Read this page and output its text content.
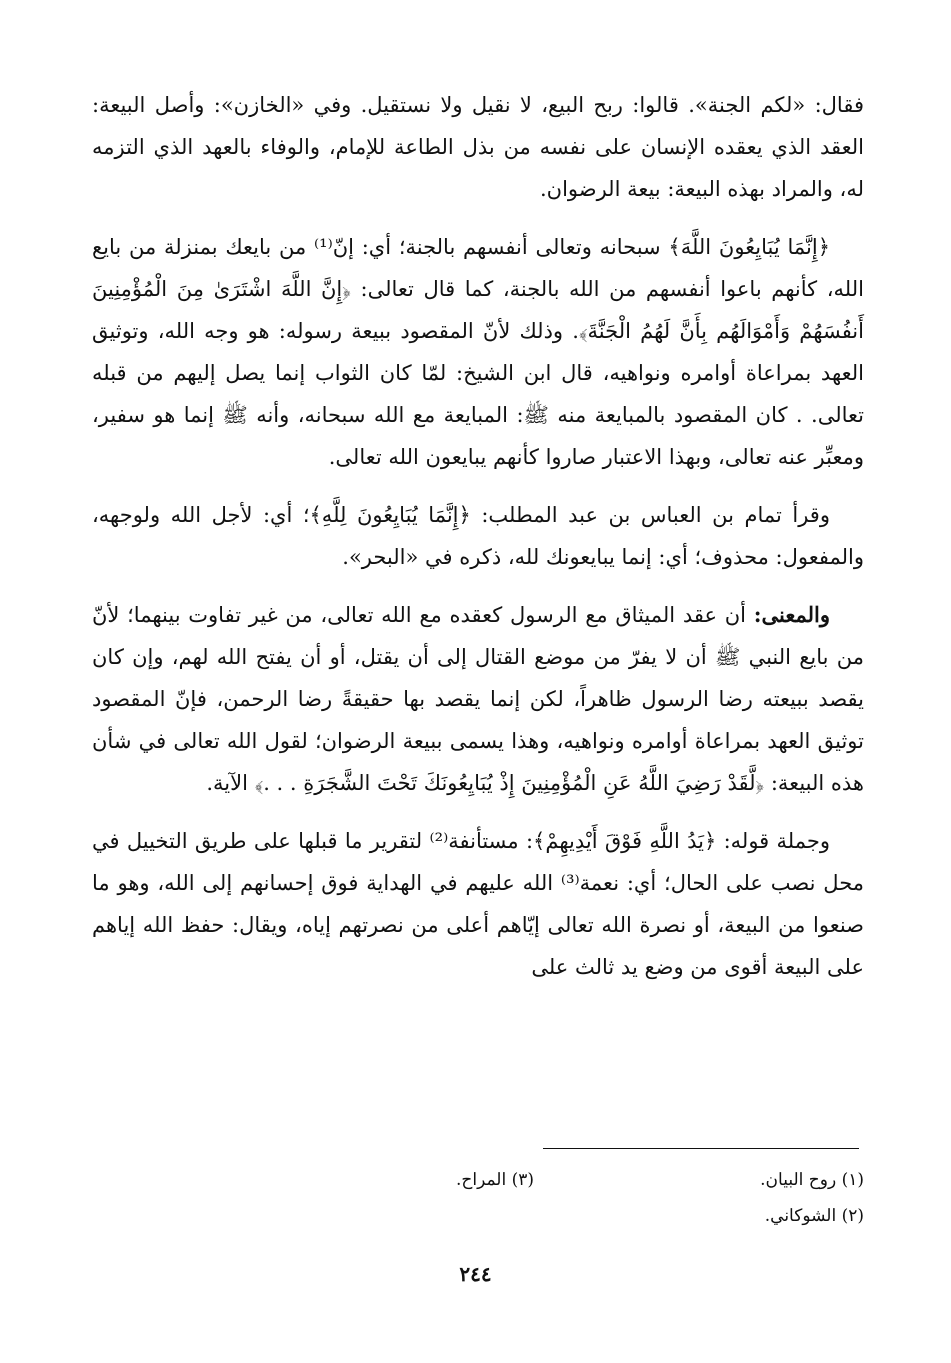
فقال: «لكم الجنة». قالوا: ربح البيع، لا نقيل ولا نستقيل. وفي «الخازن»: وأصل البيعة: العقد الذي يعقده الإنسان على نفسه من بذل الطاعة للإمام، والوفاء بالعهد الذي التزمه له، والمراد بهذه البيعة: بيعة الرضوان.

﴿إِنَّمَا يُبَايِعُونَ اللَّهَ﴾ سبحانه وتعالى أنفسهم بالجنة؛ أي: إنّ⁽¹⁾ من بايعك بمنزلة من بايع الله، كأنهم باعوا أنفسهم من الله بالجنة، كما قال تعالى: ﴿إِنَّ اللَّهَ اشْتَرَىٰ مِنَ الْمُؤْمِنِينَ أَنفُسَهُمْ وَأَمْوَالَهُم بِأَنَّ لَهُمُ الْجَنَّةَ﴾. وذلك لأنّ المقصود ببيعة رسوله: هو وجه الله، وتوثيق العهد بمراعاة أوامره ونواهيه، قال ابن الشيخ: لمّا كان الثواب إنما يصل إليهم من قبله تعالى. . كان المقصود بالمبايعة منه ﷺ: المبايعة مع الله سبحانه، وأنه ﷺ إنما هو سفير، ومعبِّر عنه تعالى، وبهذا الاعتبار صاروا كأنهم يبايعون الله تعالى.

وقرأ تمام بن العباس بن عبد المطلب: ﴿إِنَّمَا يُبَايِعُونَ لِلَّهِ﴾؛ أي: لأجل الله ولوجهه، والمفعول: محذوف؛ أي: إنما يبايعونك لله، ذكره في «البحر».

والمعنى: أن عقد الميثاق مع الرسول كعقده مع الله تعالى، من غير تفاوت بينهما؛ لأنّ من بايع النبي ﷺ أن لا يفرّ من موضع القتال إلى أن يقتل، أو أن يفتح الله لهم، وإن كان يقصد ببيعته رضا الرسول ظاهراً، لكن إنما يقصد بها حقيقةً رضا الرحمن، فإنّ المقصود توثيق العهد بمراعاة أوامره ونواهيه، وهذا يسمى ببيعة الرضوان؛ لقول الله تعالى في شأن هذه البيعة: ﴿لَّقَدْ رَضِيَ اللَّهُ عَنِ الْمُؤْمِنِينَ إِذْ يُبَايِعُونَكَ تَحْتَ الشَّجَرَةِ . . .﴾ الآية.

وجملة قوله: ﴿يَدُ اللَّهِ فَوْقَ أَيْدِيهِمْ﴾: مستأنفة⁽²⁾ لتقرير ما قبلها على طريق التخييل في محل نصب على الحال؛ أي: نعمة⁽³⁾ الله عليهم في الهداية فوق إحسانهم إلى الله، وهو ما صنعوا من البيعة، أو نصرة الله تعالى إيّاهم أعلى من نصرتهم إياه، ويقال: حفظ الله إياهم على البيعة أقوى من وضع يد ثالث على

(١) روح البيان.
(٣) المراح.
(٢) الشوكاني.
٢٤٤
